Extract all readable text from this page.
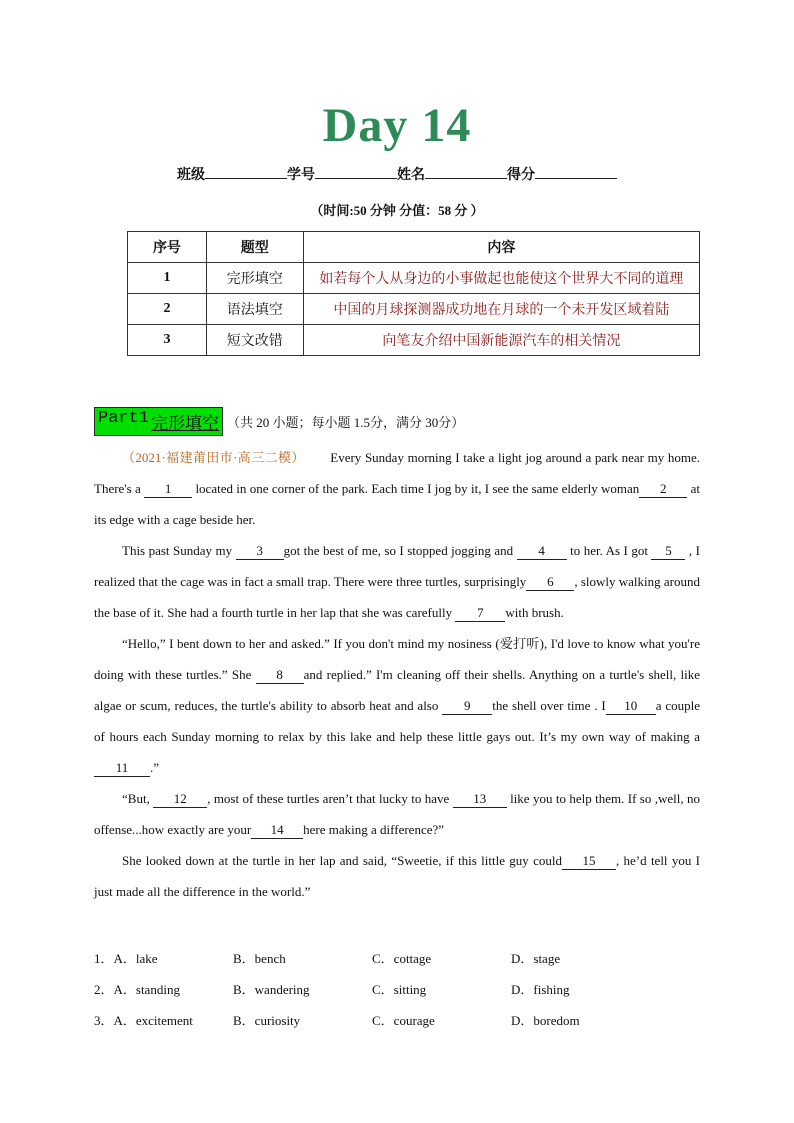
Day 14
班级	学号	姓名	得分
（时间:50 分钟 分值：58 分 ）
序号	题型	内容
1	完形填空	如若每个人从身边的小事做起也能使这个世界大不同的道理
2	语法填空	中国的月球探测器成功地在月球的一个未开发区域着陆
3	短文改错	向笔友介绍中国新能源汽车的相关情况
Part1 完形填空 （共 20 小题；每小题 1.5分，满分 30分）

（2021·福建莆田市·高三二模） Every Sunday morning I take a light jog around a park near my home. There's a 1 located in one corner of the park. Each time I jog by it, I see the same elderly woman 2 at its edge with a cage beside her.

This past Sunday my 3 got the best of me, so I stopped jogging and 4 to her. As I got 5 , I realized that the cage was in fact a small trap. There were three turtles, surprisingly 6 , slowly walking around the base of it. She had a fourth turtle in her lap that she was carefully 7 with brush.

“Hello,” I bent down to her and asked.” If you don't mind my nosiness (爱打听), I'd love to know what you're doing with these turtles.” She 8 and replied.” I'm cleaning off their shells. Anything on a turtle's shell, like algae or scum, reduces, the turtle's ability to absorb heat and also 9 the shell over time . I 10 a couple of hours each Sunday morning to relax by this lake and help these little gays out. It’s my own way of making a 11 .”

“But, 12 , most of these turtles aren’t that lucky to have 13 like you to help them. If so ,well, no offense...how exactly are your 14 here making a difference?”

She looked down at the turtle in her lap and said, “Sweetie, if this little guy could 15 , he’d tell you I just made all the difference in the world.”

1．A．lake	B．bench	C．cottage	D．stage
2．A．standing	B．wandering	C．sitting	D．fishing
3．A．excitement	B．curiosity	C．courage	D．boredom
